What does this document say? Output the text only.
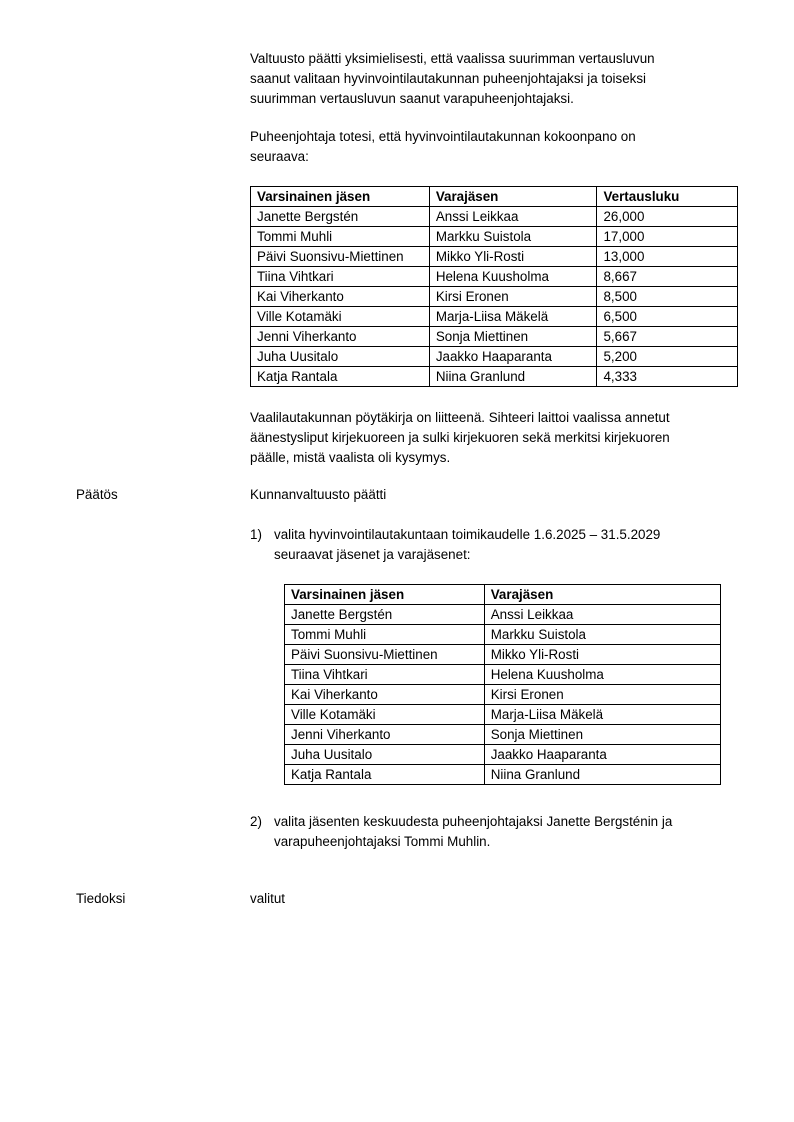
Valtuusto päätti yksimielisesti, että vaalissa suurimman vertausluvun
saanut valitaan hyvinvointilautakunnan puheenjohtajaksi ja toiseksi
suurimman vertausluvun saanut varapuheenjohtajaksi.

Puheenjohtaja totesi, että hyvinvointilautakunnan kokoonpano on
seuraava:

Varsinainen jäsen	Varajäsen	Vertausluku
Janette Bergstén	Anssi Leikkaa	26,000
Tommi Muhli	Markku Suistola	17,000
Päivi Suonsivu-Miettinen	Mikko Yli-Rosti	13,000
Tiina Vihtkari	Helena Kuusholma	8,667
Kai Viherkanto	Kirsi Eronen	8,500
Ville Kotamäki	Marja-Liisa Mäkelä	6,500
Jenni Viherkanto	Sonja Miettinen	5,667
Juha Uusitalo	Jaakko Haaparanta	5,200
Katja Rantala	Niina Granlund	4,333

Vaalilautakunnan pöytäkirja on liitteenä. Sihteeri laittoi vaalissa annetut
äänestysliput kirjekuoreen ja sulki kirjekuoren sekä merkitsi kirjekuoren
päälle, mistä vaalista oli kysymys.

Päätös	Kunnanvaltuusto päätti

1) valita hyvinvointilautakuntaan toimikaudelle 1.6.2025 – 31.5.2029
seuraavat jäsenet ja varajäsenet:

Varsinainen jäsen	Varajäsen
Janette Bergstén	Anssi Leikkaa
Tommi Muhli	Markku Suistola
Päivi Suonsivu-Miettinen	Mikko Yli-Rosti
Tiina Vihtkari	Helena Kuusholma
Kai Viherkanto	Kirsi Eronen
Ville Kotamäki	Marja-Liisa Mäkelä
Jenni Viherkanto	Sonja Miettinen
Juha Uusitalo	Jaakko Haaparanta
Katja Rantala	Niina Granlund
2) valita jäsenten keskuudesta puheenjohtajaksi Janette Bergsténin ja
varapuheenjohtajaksi Tommi Muhlin.

Tiedoksi	valitut
